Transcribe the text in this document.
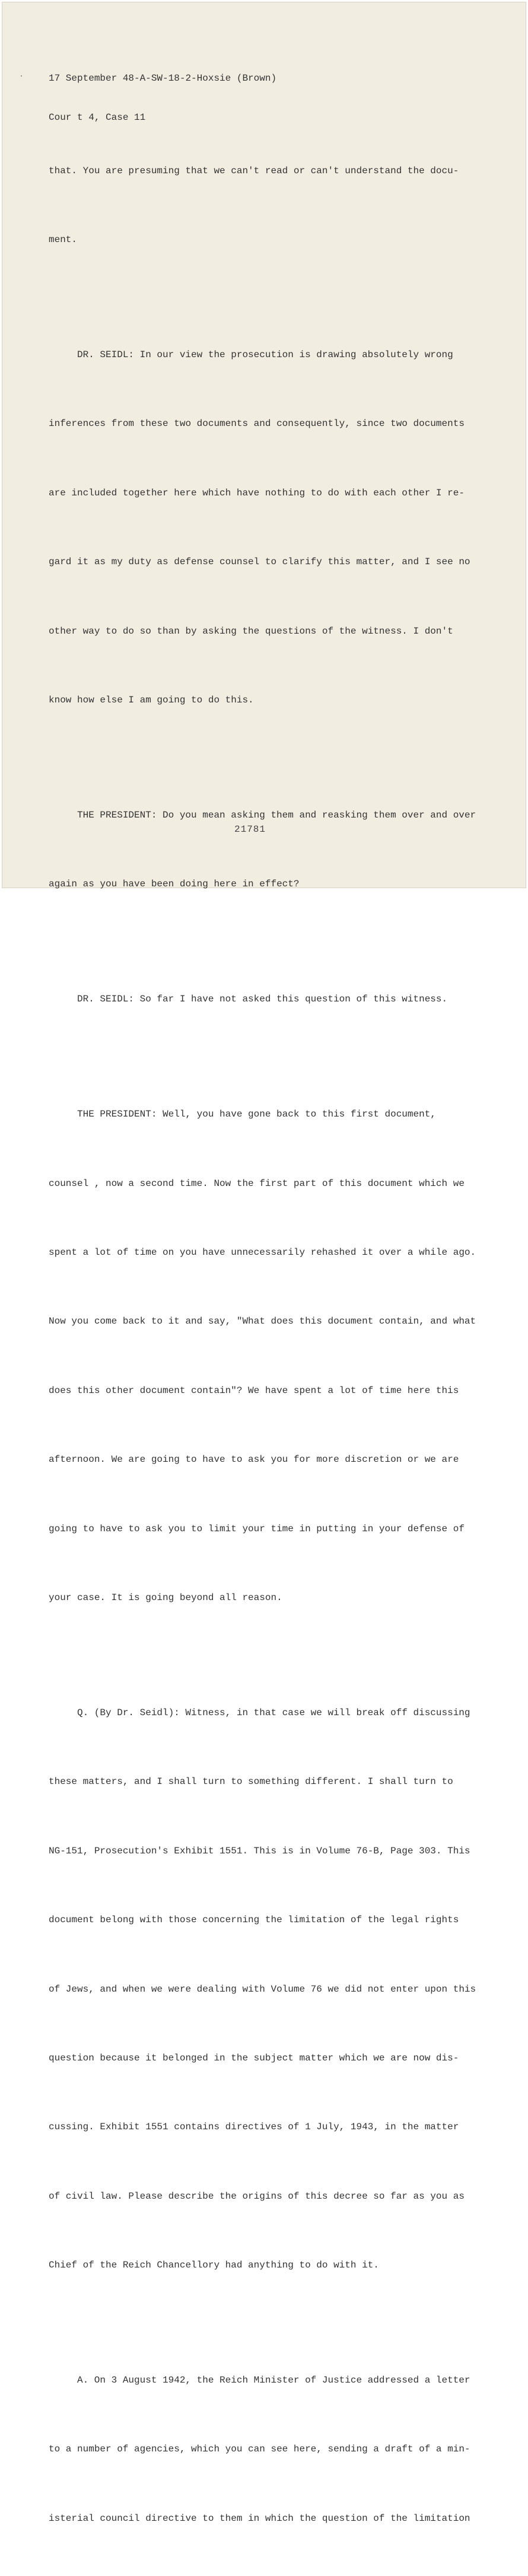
17 September 48-A-SW-18-2-Hoxsie (Brown)

Cour t 4, Case 11

that. You are presuming that we can't read or can't understand the docu-

ment.

DR. SEIDL: In our view the prosecution is drawing absolutely wrong

inferences from these two documents and consequently, since two documents

are included together here which have nothing to do with each other I re-

gard it as my duty as defense counsel to clarify this matter, and I see no

other way to do so than by asking the questions of the witness. I don't

know how else I am going to do this.

THE PRESIDENT: Do you mean asking them and reasking them over and over

again as you have been doing here in effect?

DR. SEIDL: So far I have not asked this question of this witness.

THE PRESIDENT: Well, you have gone back to this first document,

counsel , now a second time. Now the first part of this document which we

spent a lot of time on you have unnecessarily rehashed it over a while ago.

Now you come back to it and say, "What does this document contain, and what

does this other document contain"? We have spent a lot of time here this

afternoon. We are going to have to ask you for more discretion or we are

going to have to ask you to limit your time in putting in your defense of

your case. It is going beyond all reason.

Q. (By Dr. Seidl): Witness, in that case we will break off discussing

these matters, and I shall turn to something different. I shall turn to

NG-151, Prosecution's Exhibit 1551. This is in Volume 76-B, Page 303. This

document belong with those concerning the limitation of the legal rights

of Jews, and when we were dealing with Volume 76 we did not enter upon this

question because it belonged in the subject matter which we are now dis-

cussing. Exhibit 1551 contains directives of 1 July, 1943, in the matter

of civil law. Please describe the origins of this decree so far as you as

Chief of the Reich Chancellory had anything to do with it.

A. On 3 August 1942, the Reich Minister of Justice addressed a letter

to a number of agencies, which you can see here, sending a draft of a min-

isterial council directive to them in which the question of the limitation

21781
